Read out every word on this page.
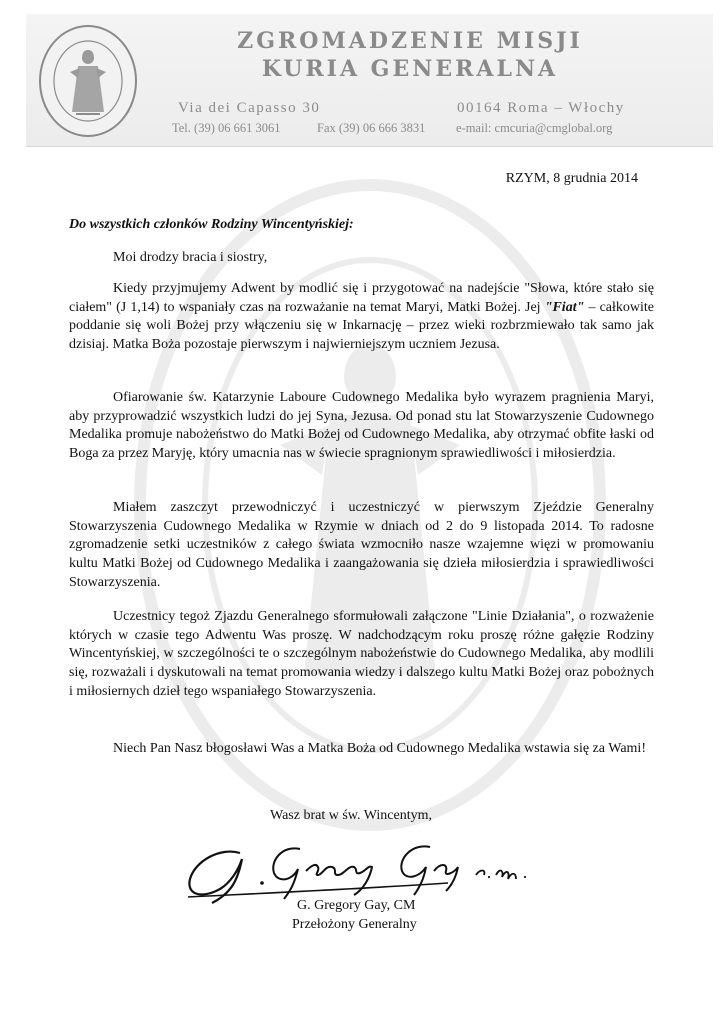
ZGROMADZENIE MISJI
KURIA GENERALNA
Via dei Capasso 30	00164 Roma – Włochy
Tel. (39) 06 661 3061	Fax (39) 06 666 3831 e-mail: cmcuria@cmglobal.org
RZYM, 8 grudnia 2014
Do wszystkich członków Rodziny Wincentyńskiej:
Moi drodzy bracia i siostry,
Kiedy przyjmujemy Adwent by modlić się i przygotować na nadejście "Słowa, które stało się ciałem" (J 1,14) to wspaniały czas na rozważanie na temat Maryi, Matki Bożej. Jej "Fiat" – całkowite poddanie się woli Bożej przy włączeniu się w Inkarnację – przez wieki rozbrzmiewało tak samo jak dzisiaj. Matka Boża pozostaje pierwszym i najwierniejszym uczniem Jezusa.
Ofiarowanie św. Katarzynie Laboure Cudownego Medalika było wyrazem pragnienia Maryi, aby przyprowadzić wszystkich ludzi do jej Syna, Jezusa. Od ponad stu lat Stowarzyszenie Cudownego Medalika promuje nabożeństwo do Matki Bożej od Cudownego Medalika, aby otrzymać obfite łaski od Boga za przez Maryję, który umacnia nas w świecie spragnionym sprawiedliwości i miłosierdzia.
Miałem zaszczyt przewodniczyć i uczestniczyć w pierwszym Zjeździe Generalny Stowarzyszenia Cudownego Medalika w Rzymie w dniach od 2 do 9 listopada 2014. To radosne zgromadzenie setki uczestników z całego świata wzmocniło nasze wzajemne więzi w promowaniu kultu Matki Bożej od Cudownego Medalika i zaangażowania się dzieła miłosierdzia i sprawiedliwości Stowarzyszenia.
Uczestnicy tegoż Zjazdu Generalnego sformułowali załączone "Linie Działania", o rozważenie których w czasie tego Adwentu Was proszę. W nadchodzącym roku proszę różne gałęzie Rodziny Wincentyńskiej, w szczególności te o szczególnym nabożeństwie do Cudownego Medalika, aby modlili się, rozważali i dyskutowali na temat promowania wiedzy i dalszego kultu Matki Bożej oraz pobożnych i miłosiernych dzieł tego wspaniałego Stowarzyszenia.
Niech Pan Nasz błogosławi Was a Matka Boża od Cudownego Medalika wstawia się za Wami!
Wasz brat w św. Wincentym,
G. Gregory Gay, CM
Przełożony Generalny
